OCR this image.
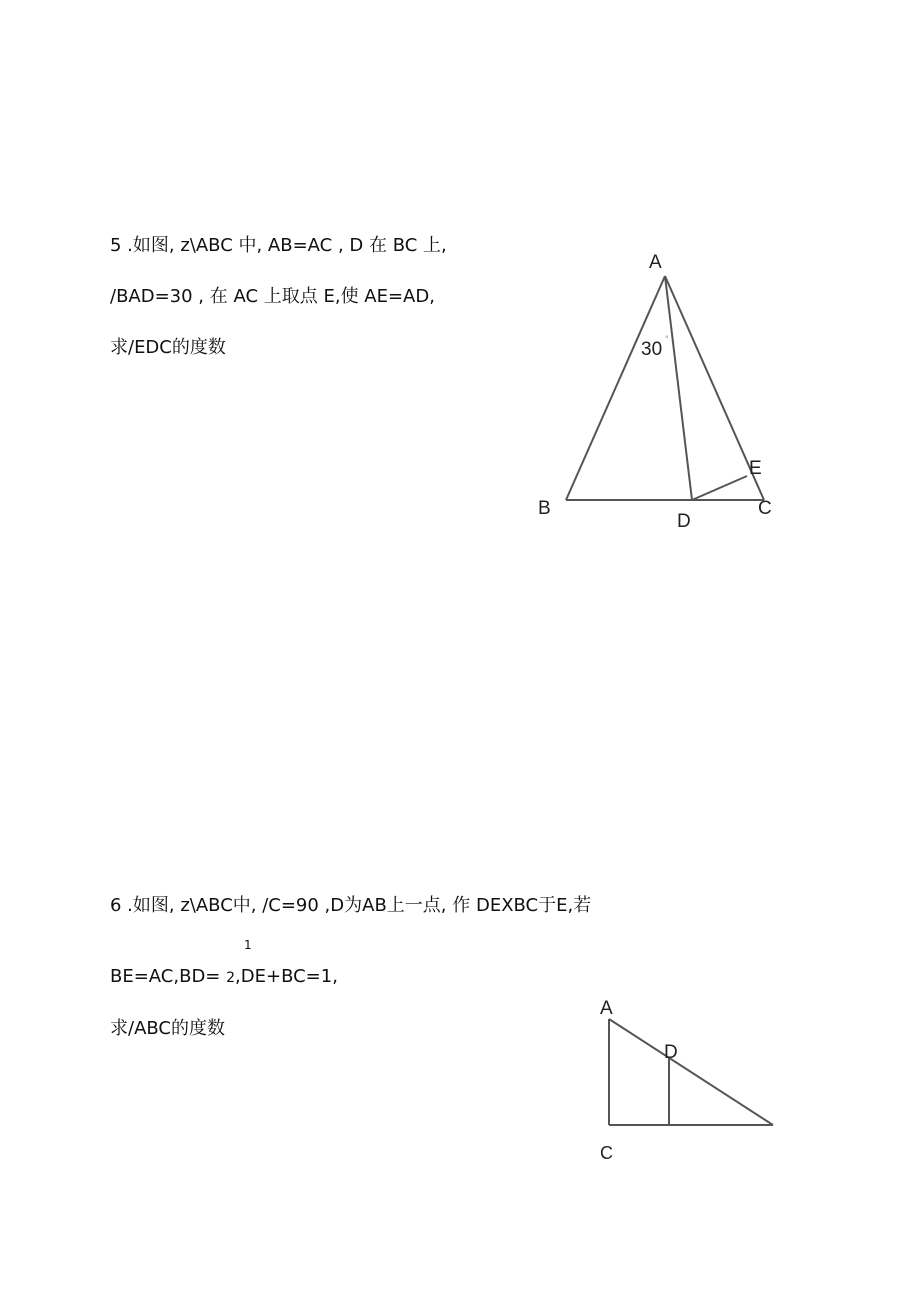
5 .如图, z\ABC 中, AB=AC , D 在 BC 上,
/BAD=30 , 在 AC 上取点 E,使 AE=AD,
求/EDC的度数
6 .如图, z\ABC中, /C=90 ,D为AB上一点, 作 DEXBC于E,若
1
BE=AC,BD= 2,DE+BC=1,
求/ABC的度数
A
B	C
D
E
30 °
A
D
C
